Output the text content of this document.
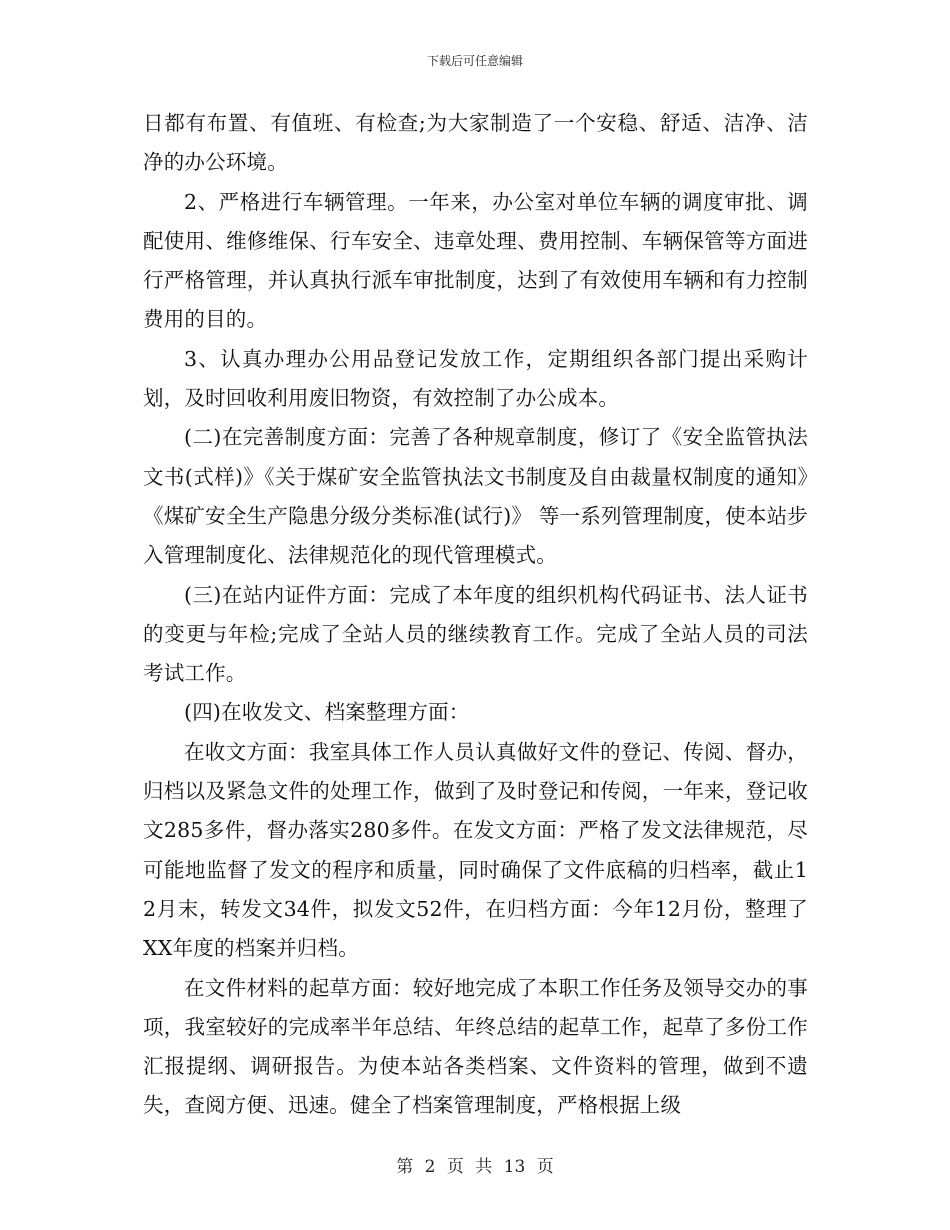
下载后可任意编辑

日都有布置、有值班、有检查;为大家制造了一个安稳、舒适、洁净、洁净的办公环境。

2、严格进行车辆管理。一年来，办公室对单位车辆的调度审批、调配使用、维修维保、行车安全、违章处理、费用控制、车辆保管等方面进行严格管理，并认真执行派车审批制度，达到了有效使用车辆和有力控制费用的目的。

3、认真办理办公用品登记发放工作，定期组织各部门提出采购计划，及时回收利用废旧物资，有效控制了办公成本。

(二)在完善制度方面：完善了各种规章制度，修订了《安全监管执法文书(式样)》《关于煤矿安全监管执法文书制度及自由裁量权制度的通知》《煤矿安全生产隐患分级分类标准(试行)》 等一系列管理制度，使本站步入管理制度化、法律规范化的现代管理模式。

(三)在站内证件方面：完成了本年度的组织机构代码证书、法人证书的变更与年检;完成了全站人员的继续教育工作。完成了全站人员的司法考试工作。

(四)在收发文、档案整理方面：

在收文方面：我室具体工作人员认真做好文件的登记、传阅、督办，归档以及紧急文件的处理工作，做到了及时登记和传阅，一年来，登记收文285多件，督办落实280多件。在发文方面：严格了发文法律规范，尽可能地监督了发文的程序和质量，同时确保了文件底稿的归档率，截止12月末，转发文34件，拟发文52件，在归档方面：今年12月份，整理了XX年度的档案并归档。

在文件材料的起草方面：较好地完成了本职工作任务及领导交办的事项，我室较好的完成率半年总结、年终总结的起草工作，起草了多份工作汇报提纲、调研报告。为使本站各类档案、文件资料的管理，做到不遗失，查阅方便、迅速。健全了档案管理制度，严格根据上级

第 2 页 共 13 页
